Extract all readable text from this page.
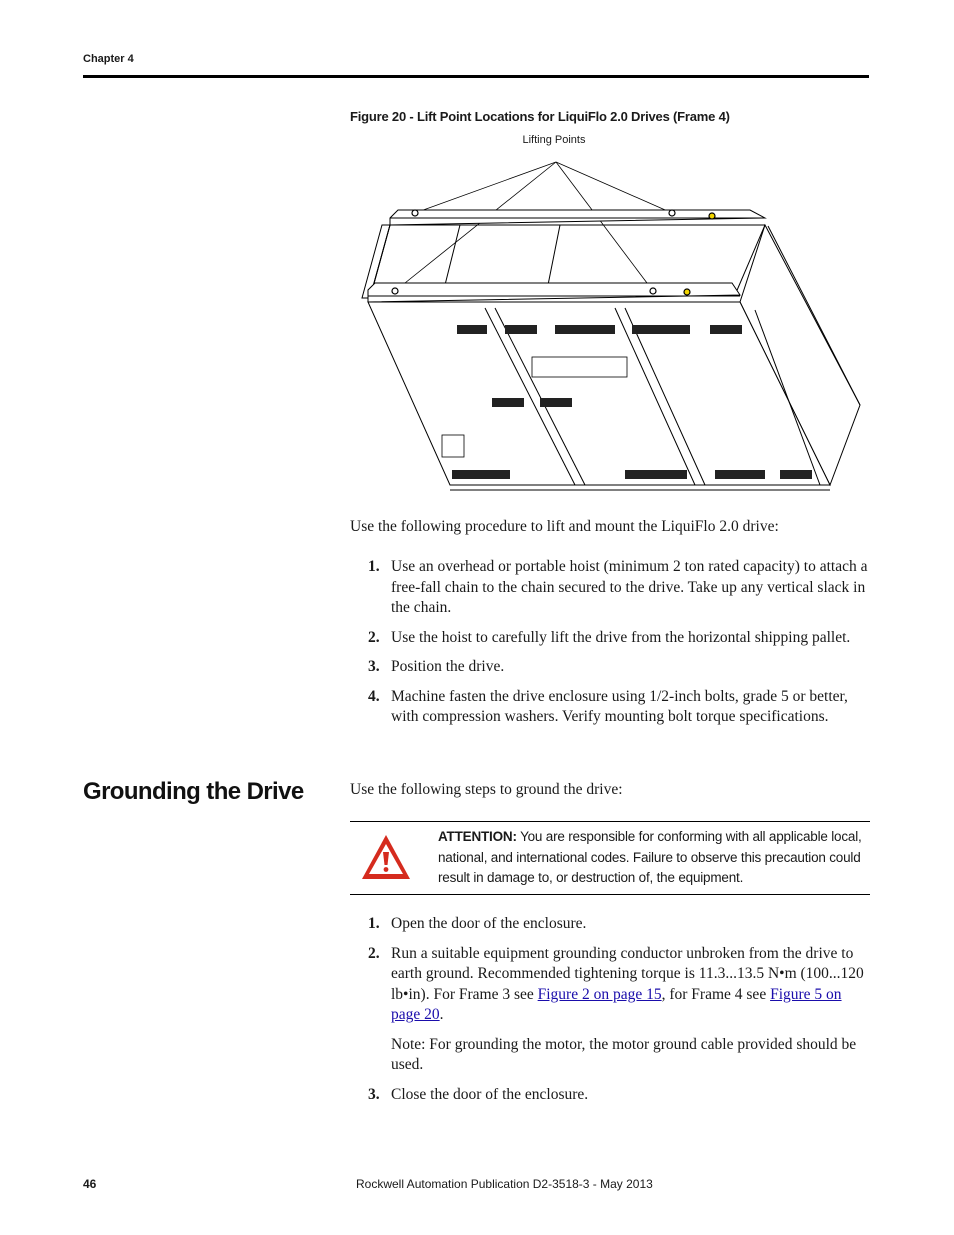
Chapter 4
Figure 20 - Lift Point Locations for LiquiFlo 2.0 Drives (Frame 4)
Lifting Points
Use the following procedure to lift and mount the LiquiFlo 2.0 drive:
1. Use an overhead or portable hoist (minimum 2 ton rated capacity) to attach a free-fall chain to the chain secured to the drive. Take up any vertical slack in the chain.
2. Use the hoist to carefully lift the drive from the horizontal shipping pallet.
3. Position the drive.
4. Machine fasten the drive enclosure using 1/2-inch bolts, grade 5 or better, with compression washers. Verify mounting bolt torque specifications.
Grounding the Drive	Use the following steps to ground the drive:
ATTENTION: You are responsible for conforming with all applicable local, national, and international codes. Failure to observe this precaution could result in damage to, or destruction of, the equipment.
1. Open the door of the enclosure.
2. Run a suitable equipment grounding conductor unbroken from the drive to earth ground. Recommended tightening torque is 11.3...13.5 N•m (100...120 lb•in). For Frame 3 see Figure 2 on page 15, for Frame 4 see Figure 5 on page 20.
Note: For grounding the motor, the motor ground cable provided should be used.
3. Close the door of the enclosure.
46	Rockwell Automation Publication D2-3518-3 - May 2013
